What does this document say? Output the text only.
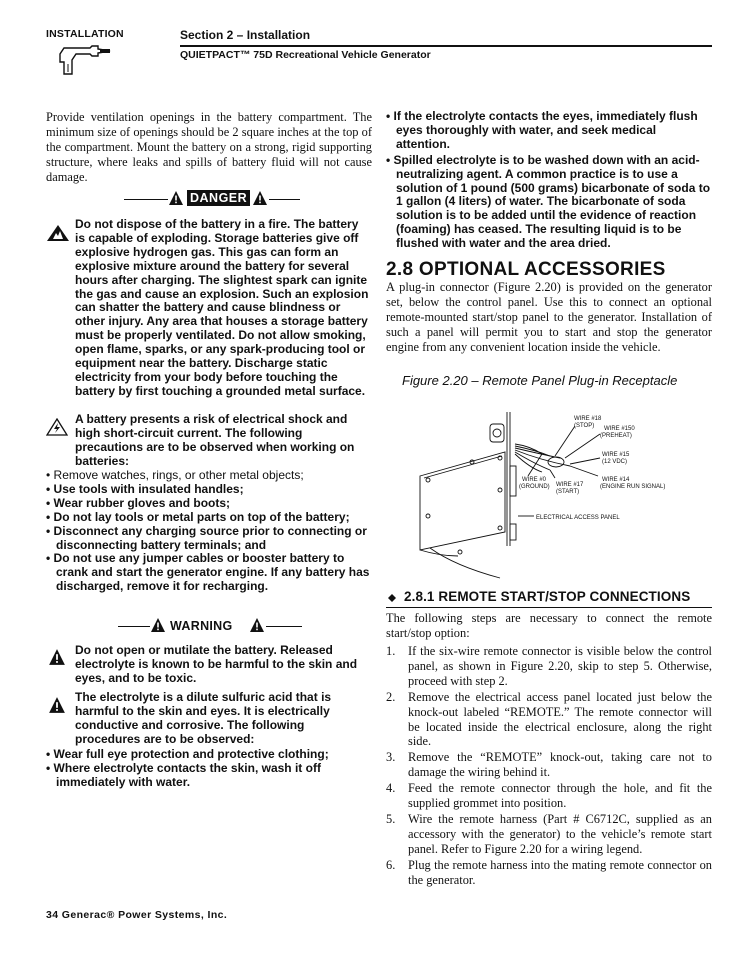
INSTALLATION	Section 2 – Installation
QUIETPACT™ 75D Recreational Vehicle Generator
Provide ventilation openings in the battery compartment. The minimum size of openings should be 2 square inches at the top of the compartment. Mount the battery on a strong, rigid supporting structure, where leaks and spills of battery fluid will not cause damage.
DANGER
Do not dispose of the battery in a fire. The battery is capable of exploding. Storage batteries give off explosive hydrogen gas. This gas can form an explosive mixture around the battery for several hours after charging. The slightest spark can ignite the gas and cause an explosion. Such an explosion can shatter the battery and cause blindness or other injury. Any area that houses a storage battery must be properly ventilated. Do not allow smoking, open flame, sparks, or any spark-producing tool or equipment near the battery. Discharge static electricity from your body before touching the battery by first touching a grounded metal surface.
A battery presents a risk of electrical shock and high short-circuit current. The following precautions are to be observed when working on batteries:
• Remove watches, rings, or other metal objects;
• Use tools with insulated handles;
• Wear rubber gloves and boots;
• Do not lay tools or metal parts on top of the battery;
• Disconnect any charging source prior to connecting or disconnecting battery terminals; and
• Do not use any jumper cables or booster battery to crank and start the generator engine. If any battery has discharged, remove it for recharging.
WARNING
Do not open or mutilate the battery. Released electrolyte is known to be harmful to the skin and eyes, and to be toxic.
The electrolyte is a dilute sulfuric acid that is harmful to the skin and eyes. It is electrically conductive and corrosive. The following procedures are to be observed:
• Wear full eye protection and protective clothing;
• Where electrolyte contacts the skin, wash it off immediately with water.
• If the electrolyte contacts the eyes, immediately flush eyes thoroughly with water, and seek medical attention.
• Spilled electrolyte is to be washed down with an acid-neutralizing agent. A common practice is to use a solution of 1 pound (500 grams) bicarbonate of soda to 1 gallon (4 liters) of water. The bicarbonate of soda solution is to be added until the evidence of reaction (foaming) has ceased. The resulting liquid is to be flushed with water and the area dried.
2.8 OPTIONAL ACCESSORIES
A plug-in connector (Figure 2.20) is provided on the generator set, below the control panel. Use this to connect an optional remote-mounted start/stop panel to the generator. Installation of such a panel will permit you to start and stop the generator engine from any convenient location inside the vehicle.
Figure 2.20 – Remote Panel Plug-in Receptacle
WIRE #18
(STOP) WIRE #150
(PREHEAT)
WIRE #15
(12 VDC)
WIRE #0
(GROUND) WIRE #17
(START)
WIRE #14
(ENGINE RUN SIGNAL)
ELECTRICAL ACCESS PANEL
2.8.1 REMOTE START/STOP CONNECTIONS
The following steps are necessary to connect the remote start/stop option:
1. If the six-wire remote connector is visible below the control panel, as shown in Figure 2.20, skip to step 5. Otherwise, proceed with step 2.
2. Remove the electrical access panel located just below the knock-out labeled “REMOTE.” The remote connector will be located inside the electrical enclosure, along the right side.
3. Remove the “REMOTE” knock-out, taking care not to damage the wiring behind it.
4. Feed the remote connector through the hole, and fit the supplied grommet into position.
5. Wire the remote harness (Part # C6712C, supplied as an accessory with the generator) to the vehicle’s remote start panel. Refer to Figure 2.20 for a wiring legend.
6. Plug the remote harness into the mating remote connector on the generator.
34 Generac® Power Systems, Inc.
